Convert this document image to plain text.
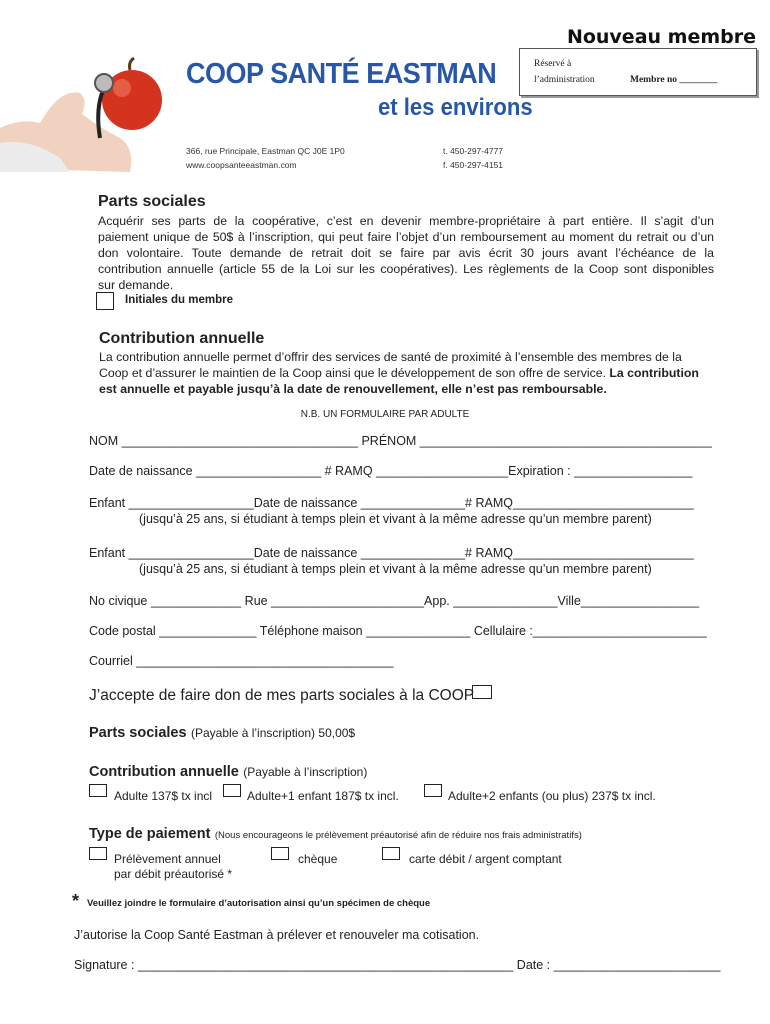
Nouveau membre
Réservé à
l’administration	Membre no ________
COOP SANTÉ EASTMAN
et les environs
366, rue Principale, Eastman QC J0E 1P0
www.coopsanteeastman.com
t. 450-297-4777
f. 450-297-4151
Parts sociales
Acquérir ses parts de la coopérative, c’est en devenir membre-propriétaire à part entière. Il s’agit d’un
paiement unique de 50$ à l’inscription, qui peut faire l’objet d’un remboursement au moment du retrait ou d’un
don volontaire. Toute demande de retrait doit se faire par avis écrit 30 jours avant l’échéance de la
contribution annuelle (article 55 de la Loi sur les coopératives). Les règlements de la Coop sont disponibles
sur demande.
Initiales du membre
Contribution annuelle
La contribution annuelle permet d’offrir des services de santé de proximité à l’ensemble des membres de la
Coop et d’assurer le maintien de la Coop ainsi que le développement de son offre de service. La contribution
est annuelle et payable jusqu’à la date de renouvellement, elle n’est pas remboursable.
N.B. UN FORMULAIRE PAR ADULTE
NOM __________________________________ PRÉNOM __________________________________________
Date de naissance __________________ # RAMQ ___________________Expiration : _________________
Enfant __________________Date de naissance _______________# RAMQ__________________________
(jusqu’à 25 ans, si étudiant à temps plein et vivant à la même adresse qu’un membre parent)
Enfant __________________Date de naissance _______________# RAMQ__________________________
(jusqu’à 25 ans, si étudiant à temps plein et vivant à la même adresse qu’un membre parent)
No civique _____________ Rue ______________________App. _______________Ville_________________
Code postal ______________ Téléphone maison _______________ Cellulaire :_________________________
Courriel _____________________________________
J’accepte de faire don de mes parts sociales à la COOP
Parts sociales (Payable à l’inscription) 50,00$
Contribution annuelle (Payable à l’inscription)
Adulte 137$ tx incl	Adulte+1 enfant 187$ tx incl.	Adulte+2 enfants (ou plus) 237$ tx incl.
Type de paiement (Nous encourageons le prélèvement préautorisé afin de réduire nos frais administratifs)
Prélèvement annuel
par débit préautorisé *
chèque	carte débit / argent comptant
* Veuillez joindre le formulaire d’autorisation ainsi qu’un spécimen de chèque
J’autorise la Coop Santé Eastman à prélever et renouveler ma cotisation.
Signature : ______________________________________________________ Date : ________________________
